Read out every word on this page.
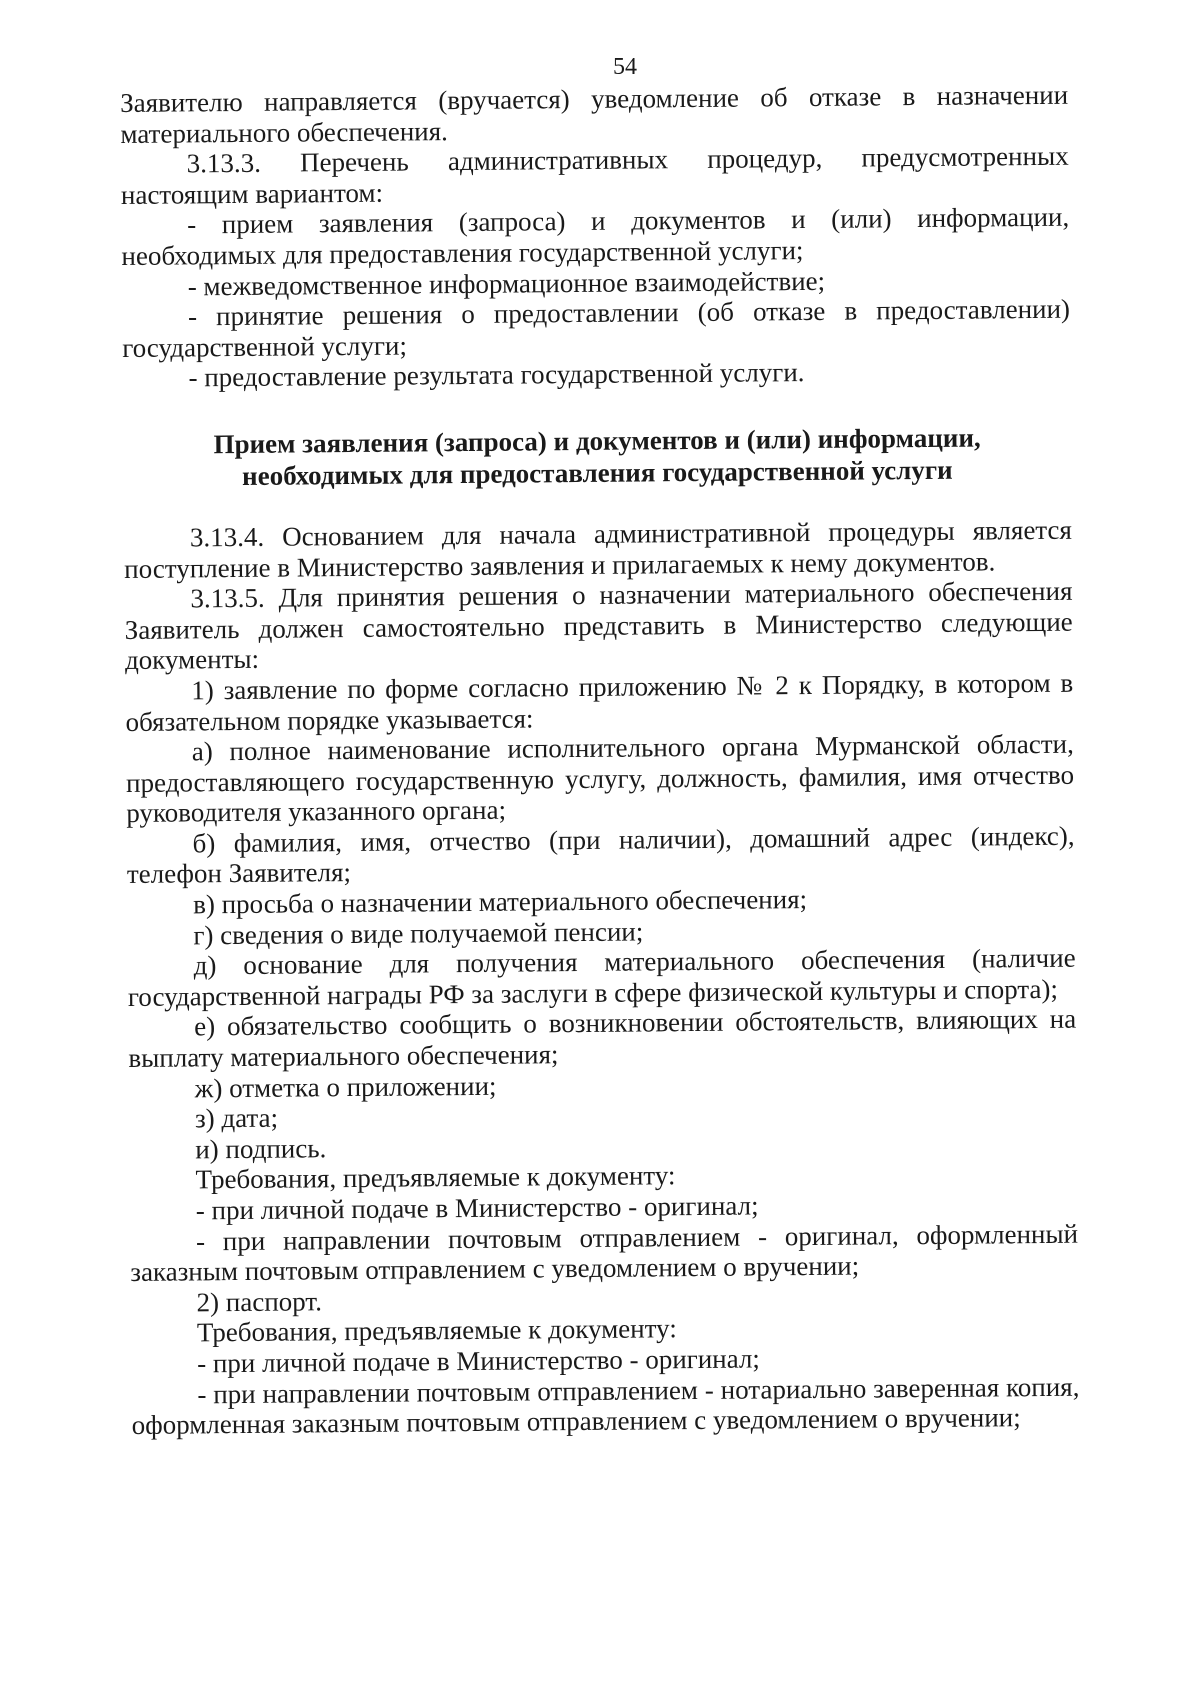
54

Заявителю направляется (вручается) уведомление об отказе в назначении материального обеспечения.

3.13.3. Перечень административных процедур, предусмотренных настоящим вариантом:

- прием заявления (запроса) и документов и (или) информации, необходимых для предоставления государственной услуги;

- межведомственное информационное взаимодействие;

- принятие решения о предоставлении (об отказе в предоставлении) государственной услуги;

- предоставление результата государственной услуги.

Прием заявления (запроса) и документов и (или) информации,
необходимых для предоставления государственной услуги

3.13.4. Основанием для начала административной процедуры является поступление в Министерство заявления и прилагаемых к нему документов.

3.13.5. Для принятия решения о назначении материального обеспечения Заявитель должен самостоятельно представить в Министерство следующие документы:

1) заявление по форме согласно приложению № 2 к Порядку, в котором в обязательном порядке указывается:

а) полное наименование исполнительного органа Мурманской области, предоставляющего государственную услугу, должность, фамилия, имя отчество руководителя указанного органа;

б) фамилия, имя, отчество (при наличии), домашний адрес (индекс), телефон Заявителя;

в) просьба о назначении материального обеспечения;

г) сведения о виде получаемой пенсии;

д) основание для получения материального обеспечения (наличие государственной награды РФ за заслуги в сфере физической культуры и спорта);

е) обязательство сообщить о возникновении обстоятельств, влияющих на выплату материального обеспечения;

ж) отметка о приложении;

з) дата;

и) подпись.

Требования, предъявляемые к документу:

- при личной подаче в Министерство - оригинал;

- при направлении почтовым отправлением - оригинал, оформленный заказным почтовым отправлением с уведомлением о вручении;

2) паспорт.

Требования, предъявляемые к документу:

- при личной подаче в Министерство - оригинал;

- при направлении почтовым отправлением - нотариально заверенная копия, оформленная заказным почтовым отправлением с уведомлением о вручении;
